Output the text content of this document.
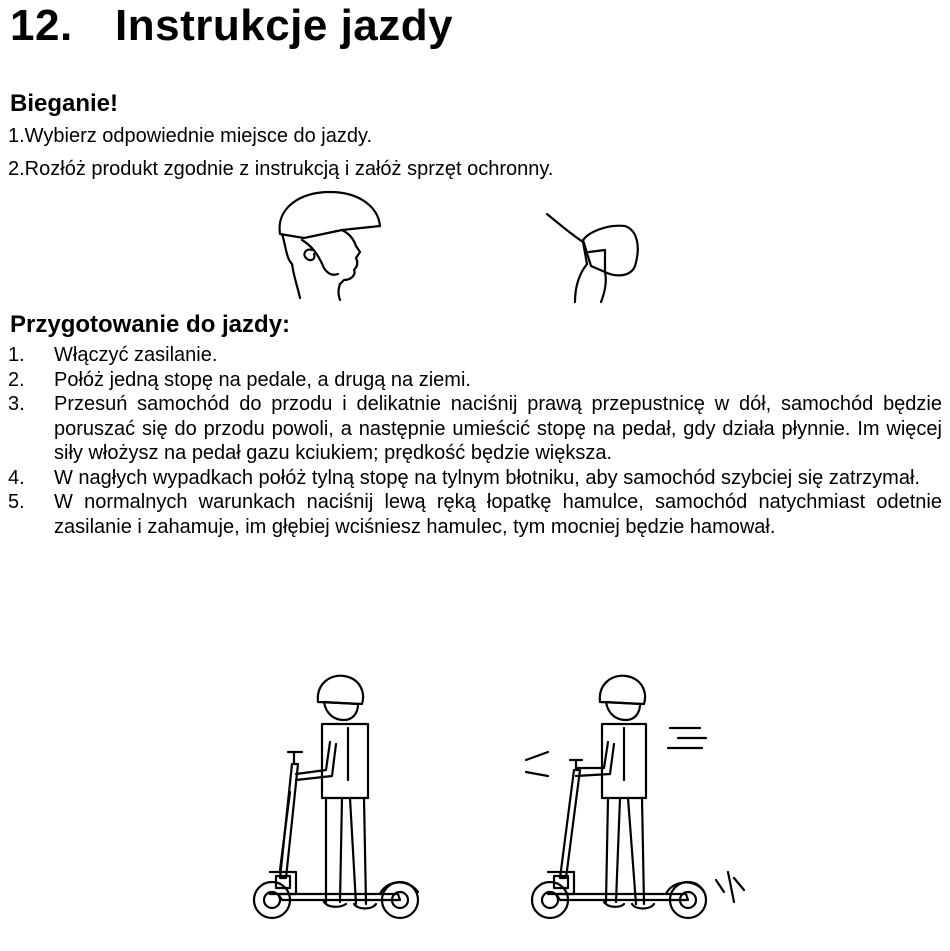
12. Instrukcje jazdy
Bieganie!

1.Wybierz odpowiednie miejsce do jazdy.

2.Rozłóż produkt zgodnie z instrukcją i załóż sprzęt ochronny.

Przygotowanie do jazdy:
1.	Włączyć zasilanie.
2.	Połóż jedną stopę na pedale, a drugą na ziemi.
3.	Przesuń samochód do przodu i delikatnie naciśnij prawą przepustnicę w dół, samochód będzie poruszać się do przodu powoli, a następnie umieścić stopę na pedał, gdy działa płynnie. Im więcej siły włożysz na pedał gazu kciukiem; prędkość będzie większa.
4.	W nagłych wypadkach połóż tylną stopę na tylnym błotniku, aby samochód szybciej się zatrzymał.
5.	W normalnych warunkach naciśnij lewą ręką łopatkę hamulce, samochód natychmiast odetnie zasilanie i zahamuje, im głębiej wciśniesz hamulec, tym mocniej będzie hamował.
